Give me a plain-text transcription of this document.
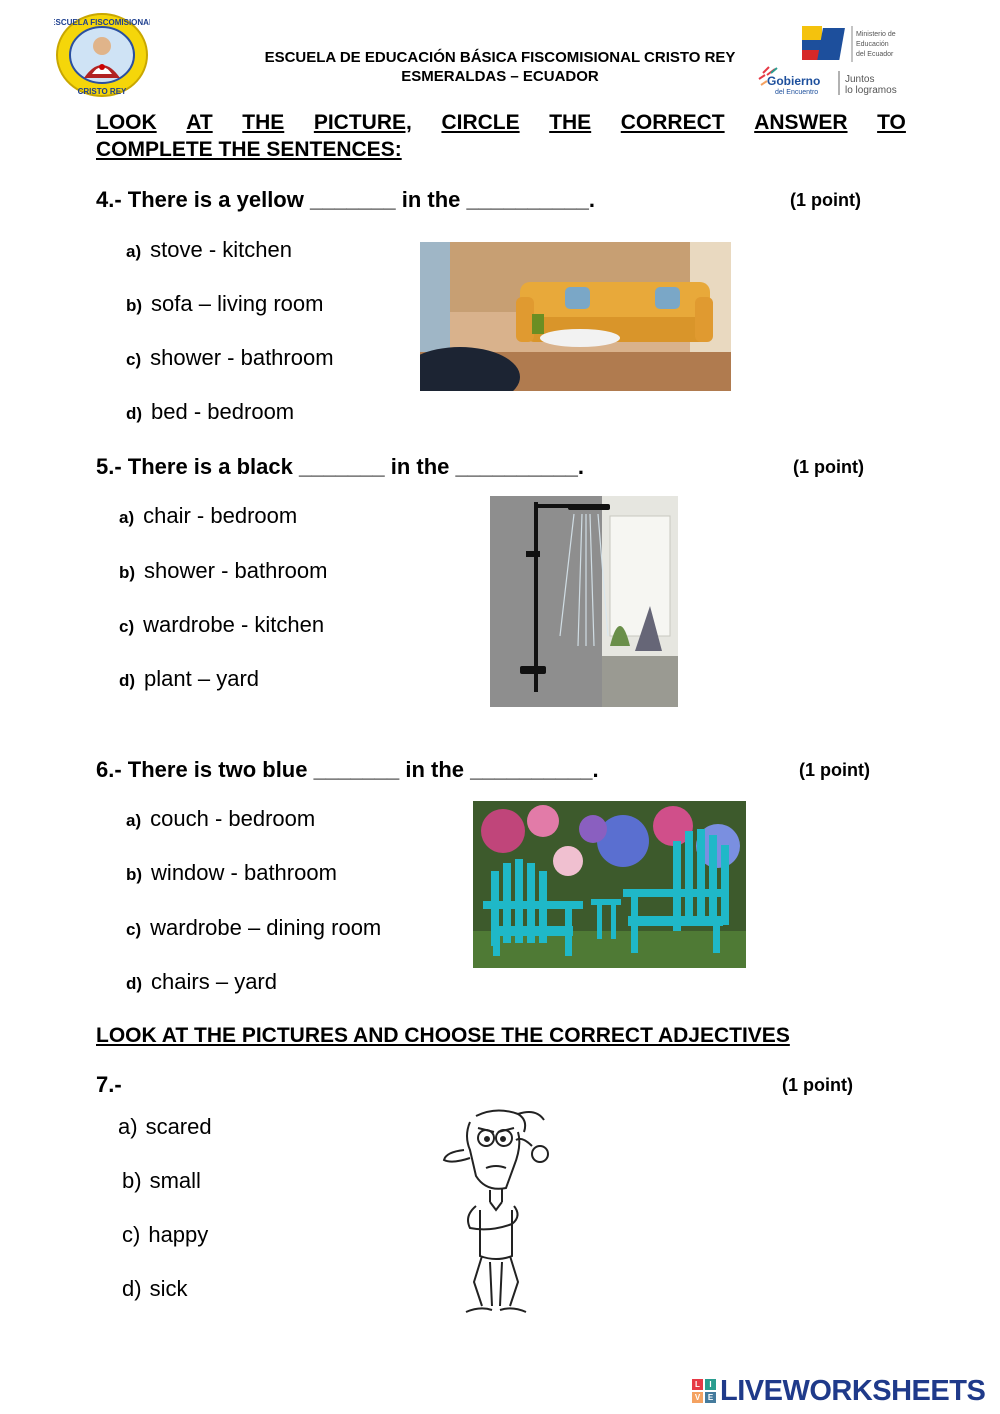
ESCUELA FISCOMISIONAL
CRISTO REY
ESCUELA DE EDUCACIÓN BÁSICA FISCOMISIONAL CRISTO REY
ESMERALDAS – ECUADOR
Ministerio de
Educación
del Ecuador
Gobierno
del Encuentro
Juntos
lo logramos
LOOK AT THE PICTURE, CIRCLE THE CORRECT ANSWER TO
COMPLETE THE SENTENCES:
4.- There is a yellow _______ in the __________.	(1 point)
a) stove - kitchen
b) sofa – living room
c) shower - bathroom
d) bed - bedroom
5.- There is a black _______ in the __________.	(1 point)
a) chair - bedroom
b) shower - bathroom
c) wardrobe - kitchen
d) plant – yard
6.- There is two blue _______ in the __________.	(1 point)
a) couch - bedroom
b) window - bathroom
c) wardrobe – dining room
d) chairs – yard
LOOK AT THE PICTURES AND CHOOSE THE CORRECT ADJECTIVES
7.-	(1 point)
a) scared
b) small
c) happy
d) sick
L	I
V E LIVEWORKSHEETS
